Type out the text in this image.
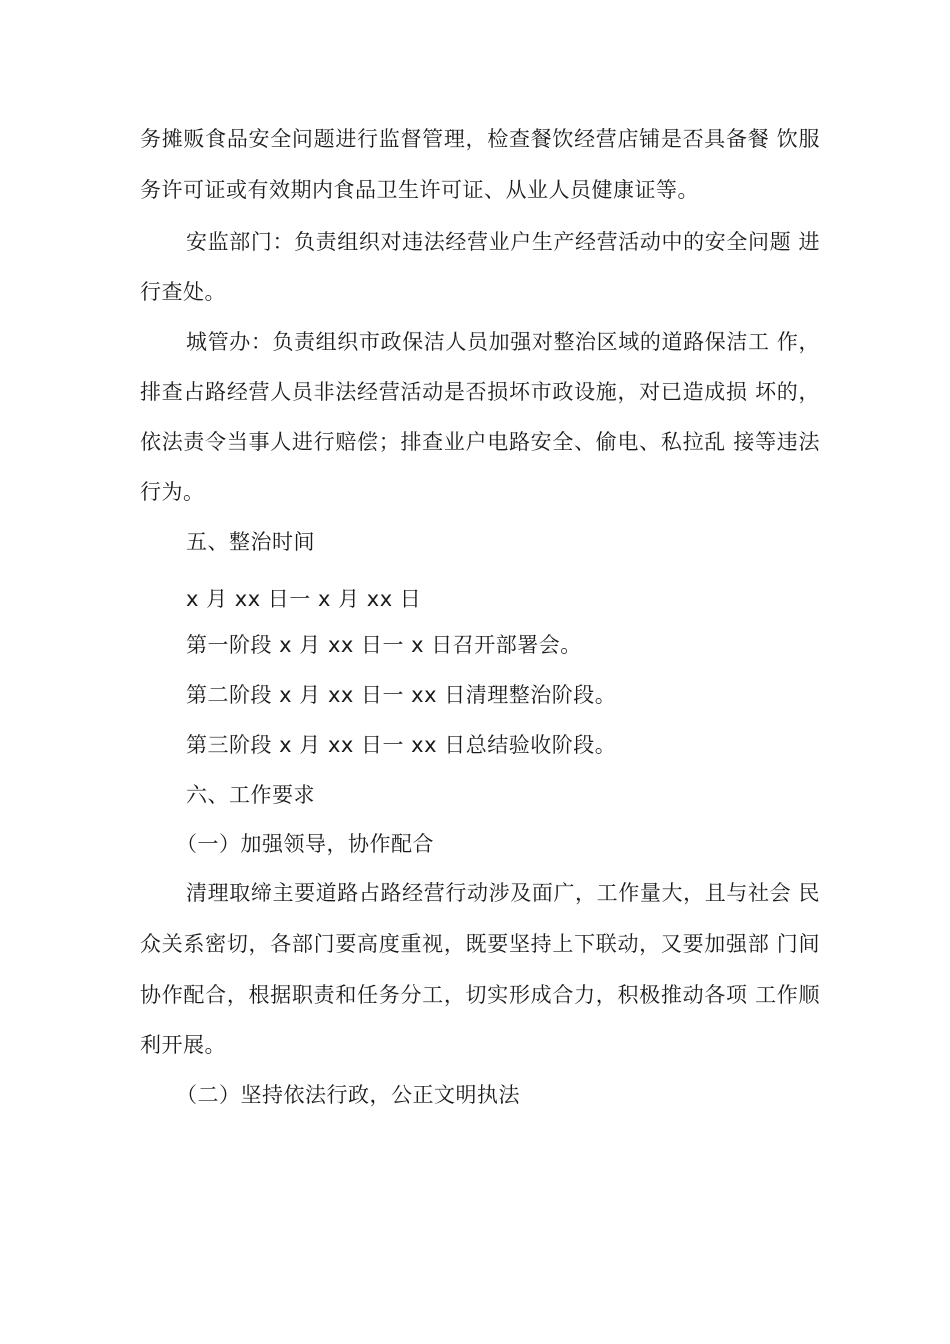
务摊贩食品安全问题进行监督管理，检查餐饮经营店铺是否具备餐 饮服
务许可证或有效期内食品卫生许可证、从业人员健康证等。
安监部门：负责组织对违法经营业户生产经营活动中的安全问题 进
行查处。
城管办：负责组织市政保洁人员加强对整治区域的道路保洁工 作，
排查占路经营人员非法经营活动是否损坏市政设施，对已造成损 坏的，
依法责令当事人进行赔偿；排查业户电路安全、偷电、私拉乱 接等违法
行为。
五、整治时间
x 月 xx 日一 x 月 xx 日
第一阶段 x 月 xx 日一 x 日召开部署会。
第二阶段 x 月 xx 日一 xx 日清理整治阶段。
第三阶段 x 月 xx 日一 xx 日总结验收阶段。
六、工作要求
（一）加强领导，协作配合
清理取缔主要道路占路经营行动涉及面广，工作量大，且与社会 民
众关系密切，各部门要高度重视，既要坚持上下联动，又要加强部 门间
协作配合，根据职责和任务分工，切实形成合力，积极推动各项 工作顺
利开展。
（二）坚持依法行政，公正文明执法
